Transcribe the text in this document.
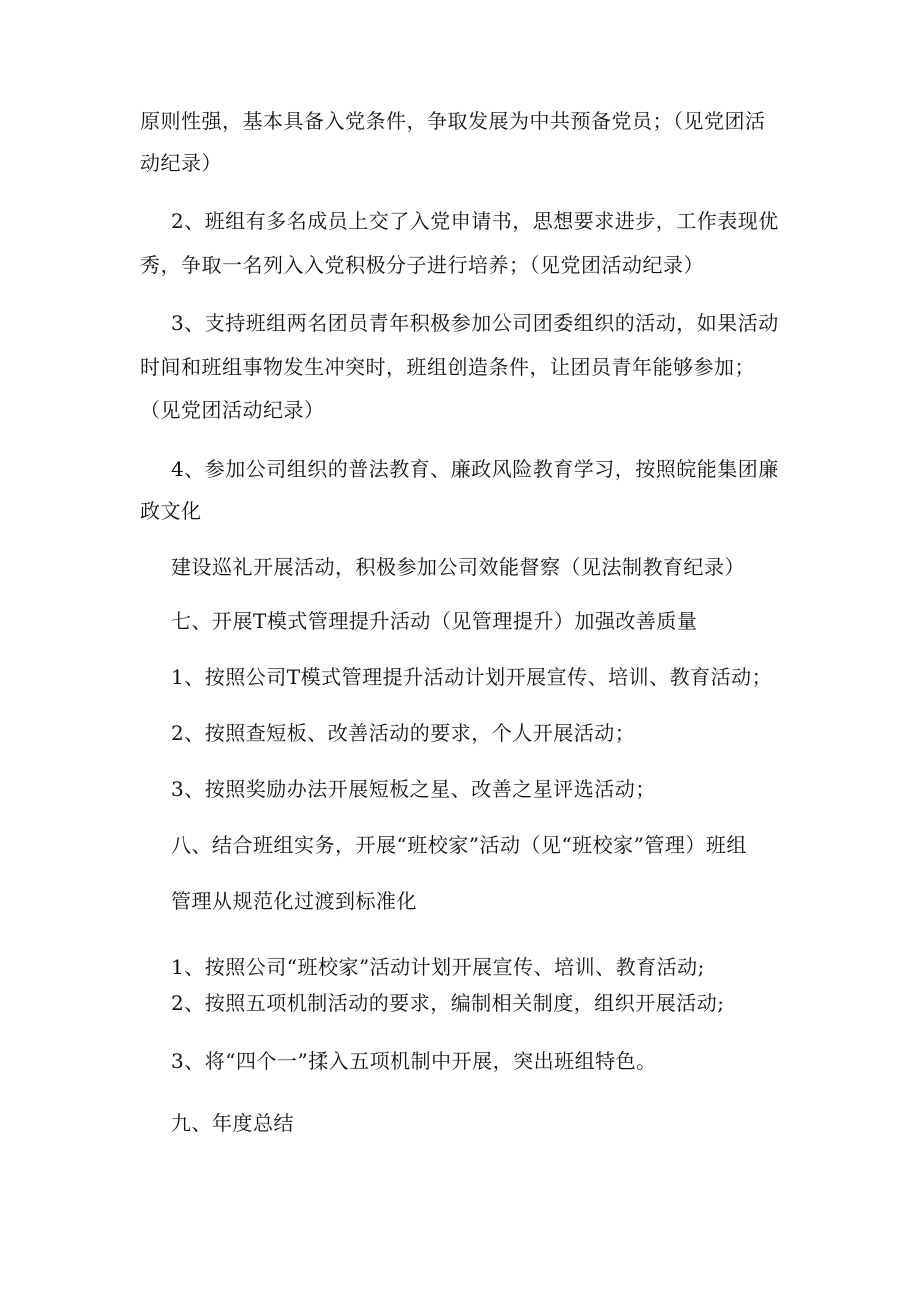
原则性强，基本具备入党条件，争取发展为中共预备党员；（见党团活
动纪录）
2、班组有多名成员上交了入党申请书，思想要求进步，工作表现优
秀，争取一名列入入党积极分子进行培养；（见党团活动纪录）
3、支持班组两名团员青年积极参加公司团委组织的活动，如果活动
时间和班组事物发生冲突时，班组创造条件，让团员青年能够参加；
（见党团活动纪录）
4、参加公司组织的普法教育、廉政风险教育学习，按照皖能集团廉
政文化
建设巡礼开展活动，积极参加公司效能督察（见法制教育纪录）
七、开展T模式管理提升活动（见管理提升）加强改善质量
1、按照公司T模式管理提升活动计划开展宣传、培训、教育活动；
2、按照查短板、改善活动的要求，个人开展活动；
3、按照奖励办法开展短板之星、改善之星评选活动；
八、结合班组实务，开展“班校家”活动（见“班校家”管理）班组
管理从规范化过渡到标准化
1、按照公司“班校家”活动计划开展宣传、培训、教育活动;
2、按照五项机制活动的要求，编制相关制度，组织开展活动;
3、将“四个一”揉入五项机制中开展，突出班组特色。
九、年度总结
